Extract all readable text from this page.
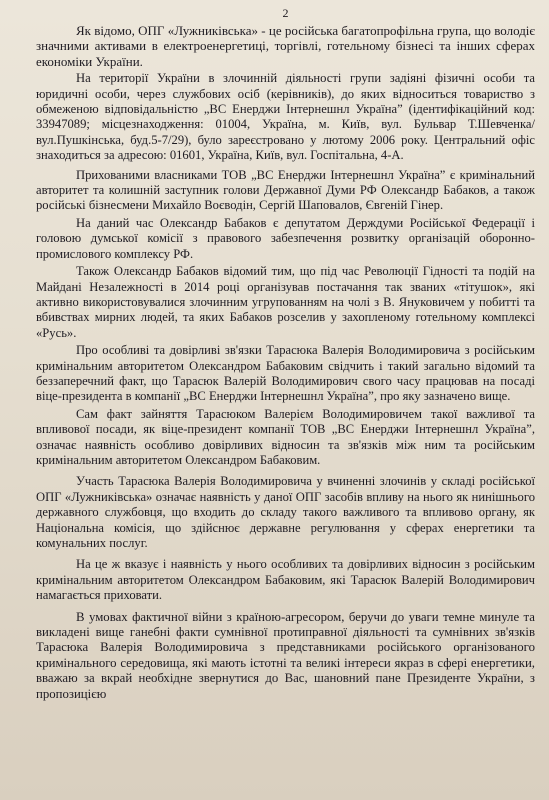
2

Як відомо, ОПГ «Лужниківська» - це російська багатопрофільна група, що володіє значними активами в електроенергетиці, торгівлі, готельному бізнесі та інших сферах економіки України.

На території України в злочинній діяльності групи задіяні фізичні особи та юридичні особи, через службових осіб (керівників), до яких відноситься товариство з обмеженою відповідальністю „ВС Енерджи Інтернешнл Україна” (ідентифікаційний код: 33947089; місцезнаходження: 01004, Україна, м. Київ, вул. Бульвар Т.Шевченка/вул.Пушкінська, буд.5-7/29), було зареєстровано у лютому 2006 року. Центральний офіс знаходиться за адресою: 01601, Україна, Київ, вул. Госпітальна, 4-А.

Прихованими власниками ТОВ „ВС Енерджи Інтернешнл Україна” є кримінальний авторитет та колишній заступник голови Державної Думи РФ Олександр Бабаков, а також російські бізнесмени Михайло Воєводін, Сергій Шаповалов, Євгеній Гінер.

На даний час Олександр Бабаков є депутатом Держдуми Російської Федерації і головою думської комісії з правового забезпечення розвитку організацій оборонно-промислового комплексу РФ.

Також Олександр Бабаков відомий тим, що під час Революції Гідності та подій на Майдані Незалежності в 2014 році організував постачання так званих «тітушок», які активно використовувалися злочинним угрупованням на чолі з В. Януковичем у побитті та вбивствах мирних людей, та яких Бабаков розселив у захопленому готельному комплексі «Русь».

Про особливі та довірливі зв'язки Тарасюка Валерія Володимировича з російським кримінальним авторитетом Олександром Бабаковим свідчить і такий загально відомий та беззаперечний факт, що Тарасюк Валерій Володимирович свого часу працював на посаді віце-президента в компанії „ВС Енерджи Інтернешнл Україна”, про яку зазначено вище.

Сам факт зайняття Тарасюком Валерієм Володимировичем такої важливої та впливової посади, як віце-президент компанії ТОВ „ВС Енерджи Інтернешнл Україна”, означає наявність особливо довірливих відносин та зв'язків між ним та російським кримінальним авторитетом Олександром Бабаковим.

Участь Тарасюка Валерія Володимировича у вчиненні злочинів у складі російської ОПГ «Лужниківська» означає наявність у даної ОПГ засобів впливу на нього як нинішнього державного службовця, що входить до складу такого важливого та впливово органу, як Національна комісія, що здійснює державне регулювання у сферах енергетики та комунальних послуг.

На це ж вказує і наявність у нього особливих та довірливих відносин з російським кримінальним авторитетом Олександром Бабаковим, які Тарасюк Валерій Володимирович намагається приховати.

В умовах фактичної війни з країною-агресором, беручи до уваги темне минуле та викладені вище ганебні факти сумнівної протиправної діяльності та сумнівних зв'язків Тарасюка Валерія Володимировича з представниками російського організованого кримінального середовища, які мають істотні та великі інтереси якраз в сфері енергетики, вважаю за вкрай необхідне звернутися до Вас, шановний пане Президенте України, з пропозицією
